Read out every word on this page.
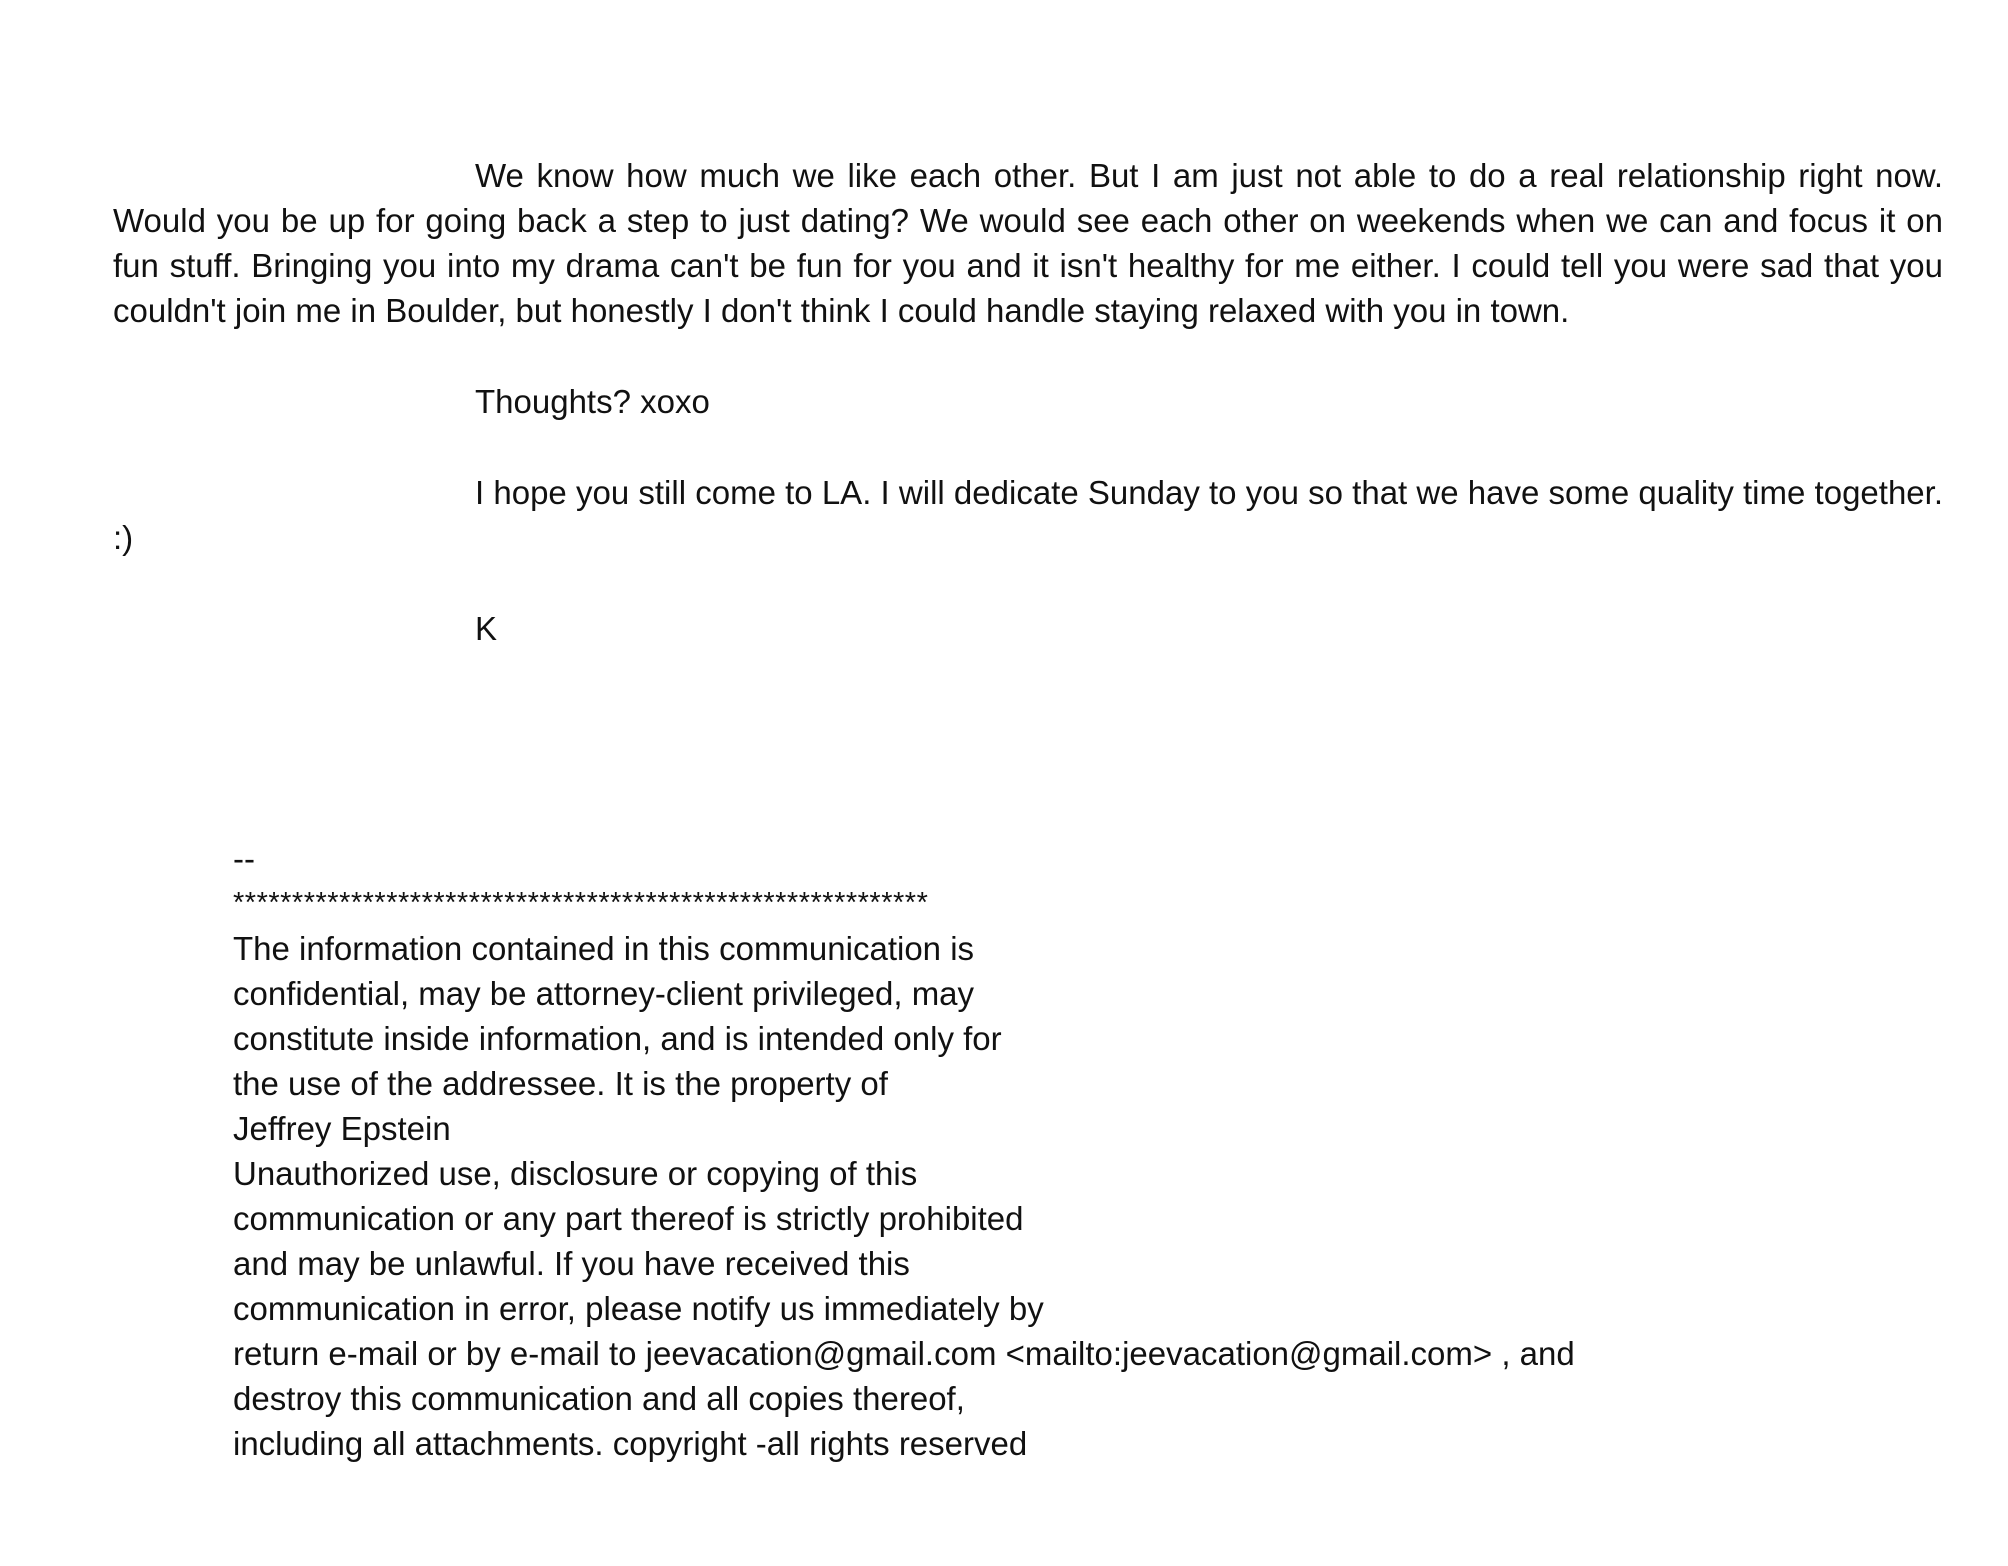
We know how much we like each other. But I am just not able to do a real relationship right now. Would you be up for going back a step to just dating? We would see each other on weekends when we can and focus it on fun stuff. Bringing you into my drama can't be fun for you and it isn't healthy for me either. I could tell you were sad that you couldn't join me in Boulder, but honestly I don't think I could handle staying relaxed with you in town.
Thoughts? xoxo
I hope you still come to LA. I will dedicate Sunday to you so that we have some quality time together. :)
K
--
***********************************************************
The information contained in this communication is
confidential, may be attorney-client privileged, may
constitute inside information, and is intended only for
the use of the addressee. It is the property of
Jeffrey Epstein
Unauthorized use, disclosure or copying of this
communication or any part thereof is strictly prohibited
and may be unlawful. If you have received this
communication in error, please notify us immediately by
return e-mail or by e-mail to jeevacation@gmail.com <mailto:jeevacation@gmail.com> , and
destroy this communication and all copies thereof,
including all attachments. copyright -all rights reserved
